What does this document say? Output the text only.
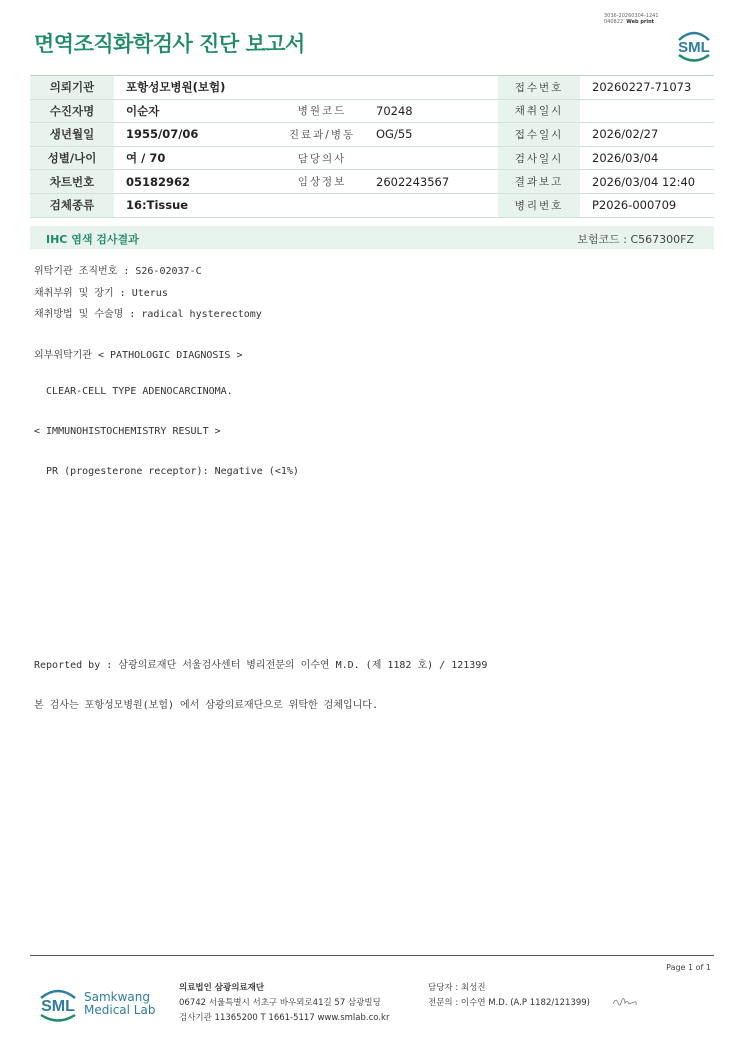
3036-20260304-1241
040822 Web print
면역조직화학검사 진단 보고서	SML
의뢰기관	포항성모병원(보험)			접수번호	20260227-71073
수진자명	이순자	병원코드	70248	채취일시	
생년월일	1955/07/06	진료과/병동	OG/55	접수일시	2026/02/27
성별/나이	여 / 70	담당의사		검사일시	2026/03/04
차트번호	05182962	임상정보	2602243567	결과보고	2026/03/04 12:40
검체종류	16:Tissue			병리번호	P2026-000709
IHC 염색 검사결과	보험코드 : C567300FZ
위탁기관 조직번호 : S26-02037-C
채취부위 및 장기 : Uterus
채취방법 및 수술명 : radical hysterectomy
외부위탁기관 < PATHOLOGIC DIAGNOSIS >
CLEAR-CELL TYPE ADENOCARCINOMA.
< IMMUNOHISTOCHEMISTRY RESULT >
PR (progesterone receptor): Negative (<1%)
Reported by : 삼광의료재단 서울검사센터 병리전문의 이수연 M.D. (제 1182 호) / 121399
본 검사는 포항성모병원(보험) 에서 삼광의료재단으로 위탁한 검체입니다.
Page 1 of 1
SML
Samkwang
Medical Lab
의료법인 삼광의료재단
06742 서울특별시 서초구 바우뫼로41길 57 삼광빌딩
검사기관 11365200 T 1661-5117 www.smlab.co.kr
담당자 : 최성진
전문의 : 이수연 M.D. (A.P 1182/121399)
